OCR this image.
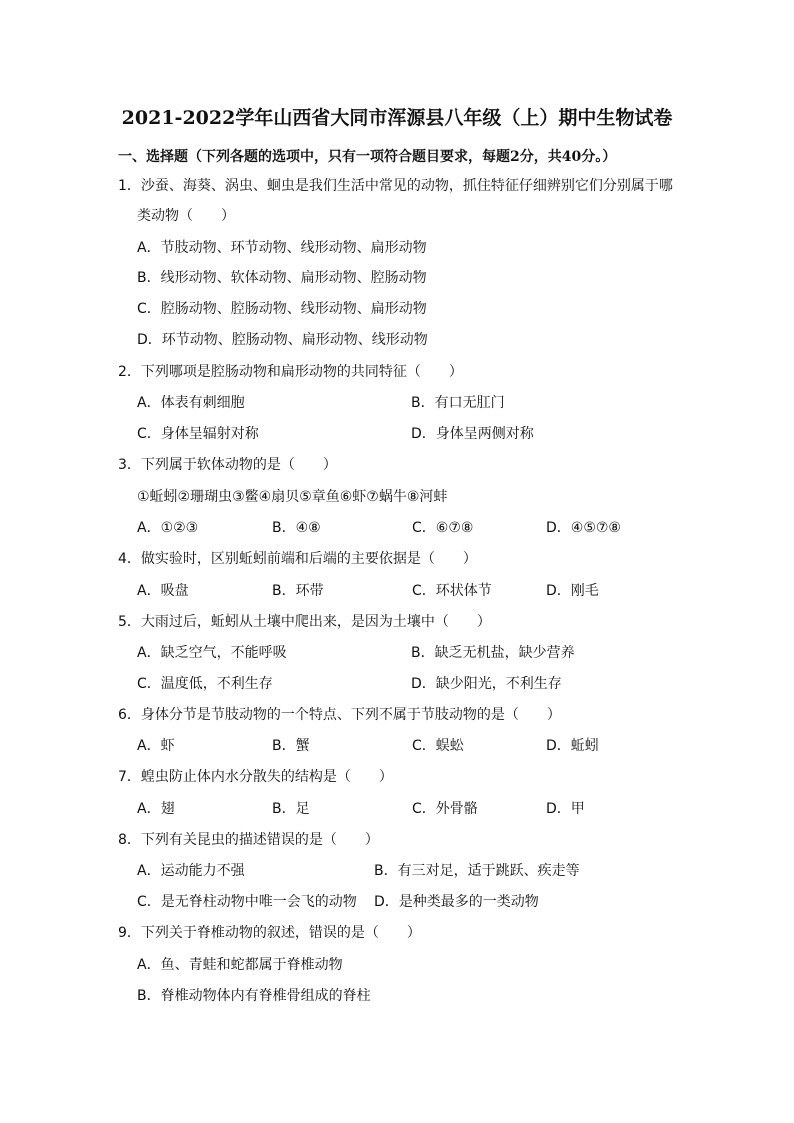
2021-2022学年山西省大同市浑源县八年级（上）期中生物试卷
一、选择题（下列各题的选项中，只有一项符合题目要求，每题2分，共40分。）
1．沙蚕、海葵、涡虫、蛔虫是我们生活中常见的动物，抓住特征仔细辨别它们分别属于哪
类动物（　　）
A．节肢动物、环节动物、线形动物、扁形动物
B．线形动物、软体动物、扁形动物、腔肠动物
C．腔肠动物、腔肠动物、线形动物、扁形动物
D．环节动物、腔肠动物、扁形动物、线形动物
2．下列哪项是腔肠动物和扁形动物的共同特征（　　）
A．体表有刺细胞	B．有口无肛门
C．身体呈辐射对称	D．身体呈两侧对称
3．下列属于软体动物的是（　　）
①蚯蚓②珊瑚虫③鳖④扇贝⑤章鱼⑥虾⑦蜗牛⑧河蚌
A．①②③	B．④⑧	C．⑥⑦⑧	D．④⑤⑦⑧
4．做实验时，区别蚯蚓前端和后端的主要依据是（　　）
A．吸盘	B．环带	C．环状体节	D．刚毛
5．大雨过后，蚯蚓从土壤中爬出来，是因为土壤中（　　）
A．缺乏空气，不能呼吸	B．缺乏无机盐，缺少营养
C．温度低，不利生存	D．缺少阳光，不利生存
6．身体分节是节肢动物的一个特点、下列不属于节肢动物的是（　　）
A．虾	B．蟹	C．蜈蚣	D．蚯蚓
7．蝗虫防止体内水分散失的结构是（　　）
A．翅	B．足	C．外骨骼	D．甲
8．下列有关昆虫的描述错误的是（　　）
A．运动能力不强	B．有三对足，适于跳跃、疾走等
C．是无脊柱动物中唯一会飞的动物 D．是种类最多的一类动物
9．下列关于脊椎动物的叙述，错误的是（　　）
A．鱼、青蛙和蛇都属于脊椎动物
B．脊椎动物体内有脊椎骨组成的脊柱
